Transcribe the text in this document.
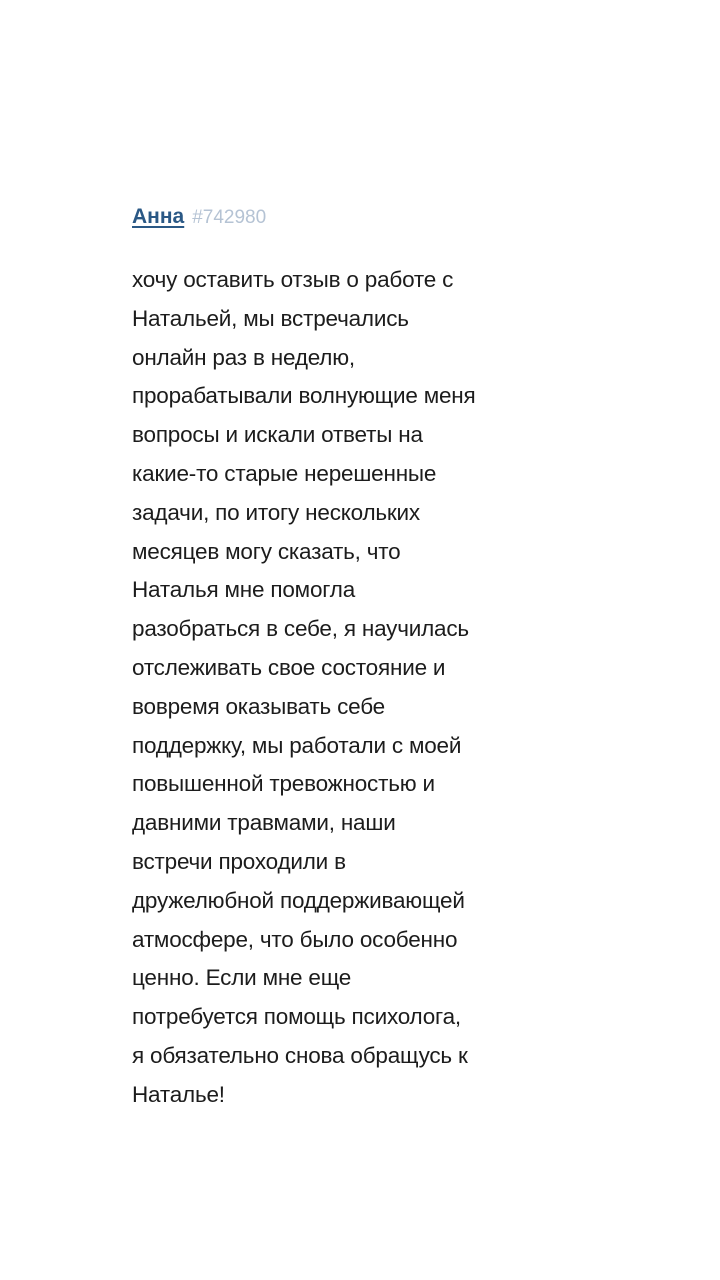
Анна #742980
хочу оставить отзыв о работе с
Натальей, мы встречались
онлайн раз в неделю,
прорабатывали волнующие меня
вопросы и искали ответы на
какие-то старые нерешенные
задачи, по итогу нескольких
месяцев могу сказать, что
Наталья мне помогла
разобраться в себе, я научилась
отслеживать свое состояние и
вовремя оказывать себе
поддержку, мы работали с моей
повышенной тревожностью и
давними травмами, наши
встречи проходили в
дружелюбной поддерживающей
атмосфере, что было особенно
ценно. Если мне еще
потребуется помощь психолога,
я обязательно снова обращусь к
Наталье!
